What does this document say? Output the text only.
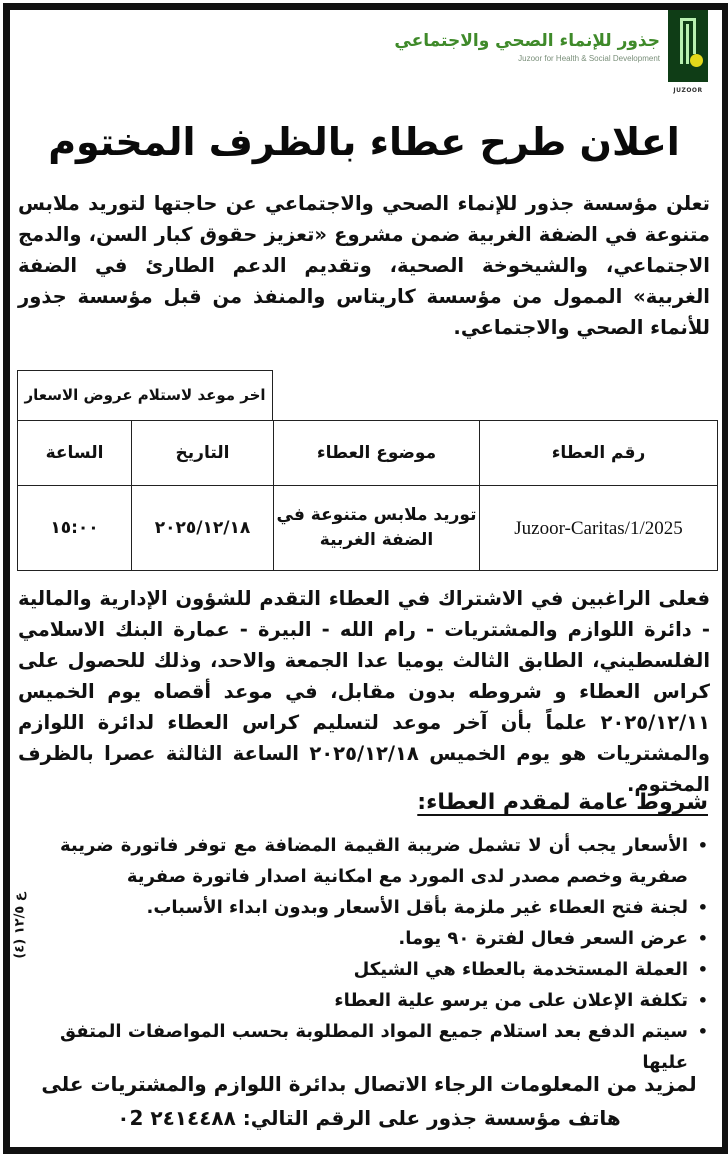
JUZOOR
جذور للإنماء الصحي والاجتماعي
Juzoor for Health & Social Development
اعلان طرح عطاء بالظرف المختوم
تعلن مؤسسة جذور للإنماء الصحي والاجتماعي عن حاجتها لتوريد ملابس متنوعة في الضفة الغربية ضمن مشروع «تعزيز حقوق كبار السن، والدمج الاجتماعي، والشيخوخة الصحية، وتقديم الدعم الطارئ في الضفة الغربية» الممول من مؤسسة كاريتاس والمنفذ من قبل مؤسسة جذور للأنماء الصحي والاجتماعي.
اخر موعد لاستلام عروض الاسعار
رقم العطاء
موضوع العطاء
التاريخ
الساعة
Juzoor-Caritas/1/2025
توريد ملابس متنوعة في الضفة الغربية
٢٠٢٥/١٢/١٨
١٥:٠٠
فعلى الراغبين في الاشتراك في العطاء التقدم للشؤون الإدارية والمالية - دائرة اللوازم والمشتريات - رام الله - البيرة - عمارة البنك الاسلامي الفلسطيني، الطابق الثالث يوميا عدا الجمعة والاحد، وذلك للحصول على كراس العطاء و شروطه بدون مقابل، في موعد أقصاه يوم الخميس ٢٠٢٥/١٢/١١ علماً بأن آخر موعد لتسليم كراس العطاء لدائرة اللوازم والمشتريات هو يوم الخميس ٢٠٢٥/١٢/١٨ الساعة الثالثة عصرا بالظرف المختوم.
شروط عامة لمقدم العطاء:
• الأسعار يجب أن لا تشمل ضريبة القيمة المضافة مع توفر فاتورة ضريبة صفرية وخصم مصدر لدى المورد مع امكانية اصدار فاتورة صفرية
• لجنة فتح العطاء غير ملزمة بأقل الأسعار وبدون ابداء الأسباب.
• عرض السعر فعال لفترة ٩٠ يوما.
• العملة المستخدمة بالعطاء هي الشيكل
• تكلفة الإعلان على من يرسو علية العطاء
• سيتم الدفع بعد استلام جميع المواد المطلوبة بحسب المواصفات المتفق عليها
ع ١٢/٥ (٤)
لمزيد من المعلومات الرجاء الاتصال بدائرة اللوازم والمشتريات على
هاتف مؤسسة جذور على الرقم التالي: ٠2 ٢٤١٤٤٨٨
